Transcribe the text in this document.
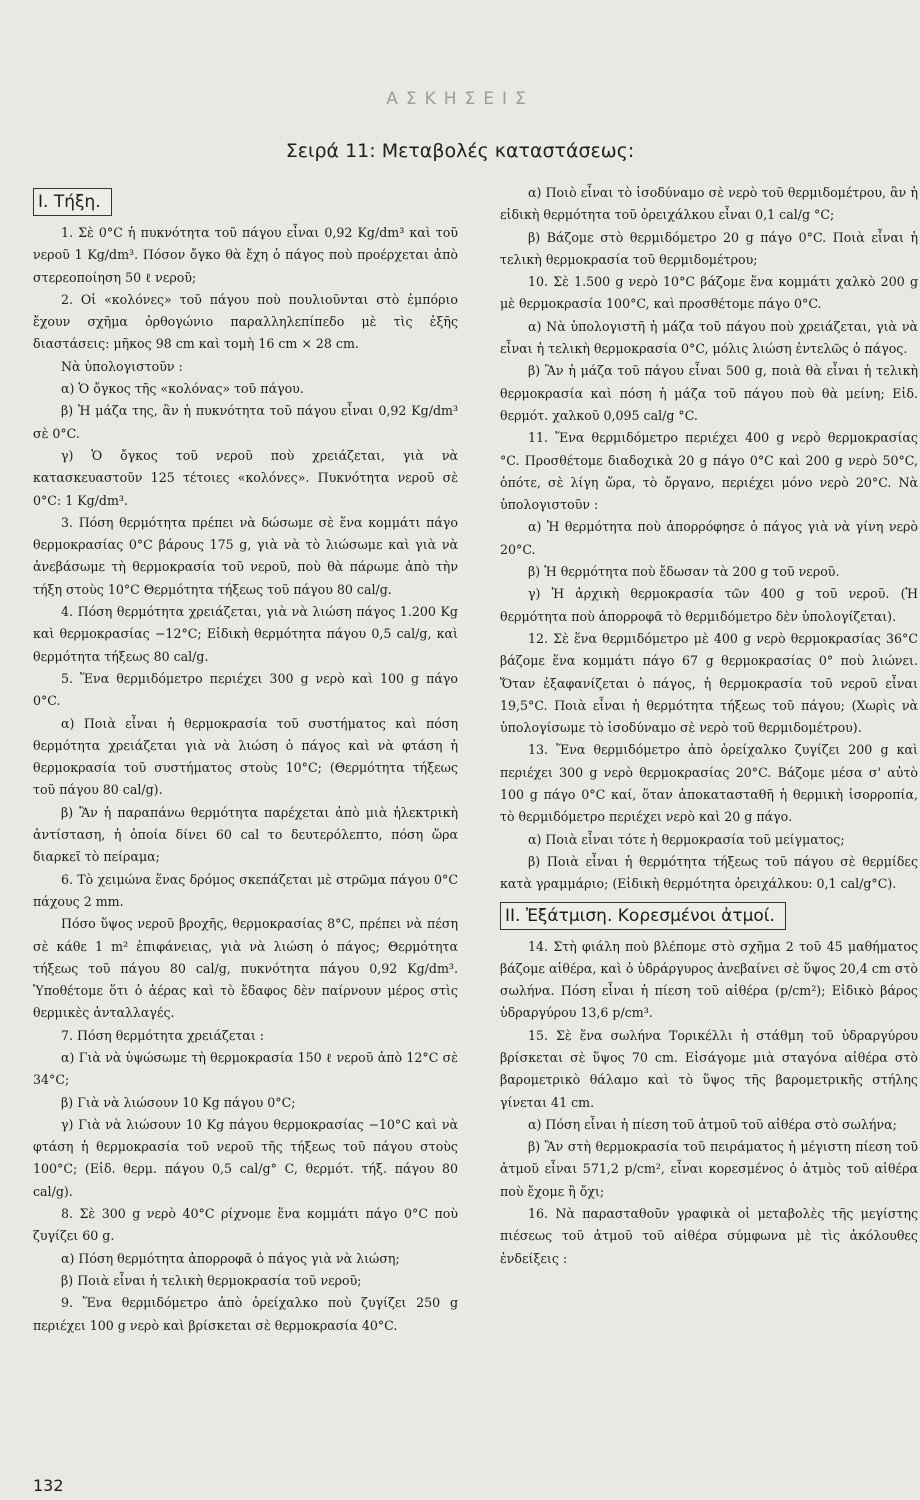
ΑΣΚΗΣΕΙΣ
Σειρά 11: Μεταβολές καταστάσεως:
I. Τήξη.

1. Σὲ 0°C ἡ πυκνότητα τοῦ πάγου εἶναι 0,92 Kg/dm³ καὶ τοῦ νεροῦ 1 Kg/dm³. Πόσον ὄγκο θὰ ἔχη ὁ πάγος ποὺ προέρχεται ἀπὸ στερεοποίηση 50 ℓ νεροῦ;

2. Οἱ «κολόνες» τοῦ πάγου ποὺ πουλιοῦνται στὸ ἐμπόριο ἔχουν σχῆμα ὀρθογώνιο παραλληλεπίπεδο μὲ τὶς ἑξῆς διαστάσεις: μῆκος 98 cm καὶ τομὴ 16 cm × 28 cm.

Νὰ ὑπολογιστοῦν :

α) Ὁ ὄγκος τῆς «κολόνας» τοῦ πάγου.

β) Ἡ μάζα της, ἂν ἡ πυκνότητα τοῦ πάγου εἶναι 0,92 Kg/dm³ σὲ 0°C.

γ) Ὁ ὄγκος τοῦ νεροῦ ποὺ χρειάζεται, γιὰ νὰ κατασκευαστοῦν 125 τέτοιες «κολόνες». Πυκνότητα νεροῦ σὲ 0°C: 1 Kg/dm³.

3. Πόση θερμότητα πρέπει νὰ δώσωμε σὲ ἕνα κομμάτι πάγο θερμοκρασίας 0°C βάρους 175 g, γιὰ νὰ τὸ λιώσωμε καὶ γιὰ νὰ ἀνεβάσωμε τὴ θερμοκρασία τοῦ νεροῦ, ποὺ θὰ πάρωμε ἀπὸ τὴν τήξη στοὺς 10°C Θερμότητα τήξεως τοῦ πάγου 80 cal/g.

4. Πόση θερμότητα χρειάζεται, γιὰ νὰ λιώση πάγος 1.200 Kg καὶ θερμοκρασίας −12°C; Εἰδικὴ θερμότητα πάγου 0,5 cal/g, καὶ θερμότητα τήξεως 80 cal/g.

5. Ἕνα θερμιδόμετρο περιέχει 300 g νερὸ καὶ 100 g πάγο 0°C.

α) Ποιὰ εἶναι ἡ θερμοκρασία τοῦ συστήματος καὶ πόση θερμότητα χρειάζεται γιὰ νὰ λιώση ὁ πάγος καὶ νὰ φτάση ἡ θερμοκρασία τοῦ συστήματος στοὺς 10°C; (Θερμότητα τήξεως τοῦ πάγου 80 cal/g).

β) Ἂν ἡ παραπάνω θερμότητα παρέχεται ἀπὸ μιὰ ἠλεκτρικὴ ἀντίσταση, ἡ ὁποία δίνει 60 cal το δευτερόλεπτο, πόση ὥρα διαρκεῖ τὸ πείραμα;

6. Τὸ χειμώνα ἕνας δρόμος σκεπάζεται μὲ στρῶμα πάγου 0°C πάχους 2 mm.

Πόσο ὕψος νεροῦ βροχῆς, θερμοκρασίας 8°C, πρέπει νὰ πέση σὲ κάθε 1 m² ἐπιφάνειας, γιὰ νὰ λιώση ὁ πάγος; Θερμότητα τήξεως τοῦ πάγου 80 cal/g, πυκνότητα πάγου 0,92 Kg/dm³. Ὑποθέτομε ὅτι ὁ ἀέρας καὶ τὸ ἔδαφος δὲν παίρνουν μέρος στὶς θερμικὲς ἀνταλλαγές.

7. Πόση θερμότητα χρειάζεται :

α) Γιὰ νὰ ὑψώσωμε τὴ θερμοκρασία 150 ℓ νεροῦ ἀπὸ 12°C σὲ 34°C;

β) Γιὰ νὰ λιώσουν 10 Kg πάγου 0°C;

γ) Γιὰ νὰ λιώσουν 10 Kg πάγου θερμοκρασίας −10°C καὶ νὰ φτάση ἡ θερμοκρασία τοῦ νεροῦ τῆς τήξεως τοῦ πάγου στοὺς 100°C; (Εἰδ. θερμ. πάγου 0,5 cal/g° C, θερμότ. τήξ. πάγου 80 cal/g).

8. Σὲ 300 g νερὸ 40°C ρίχνομε ἕνα κομμάτι πάγο 0°C ποὺ ζυγίζει 60 g.

α) Πόση θερμότητα ἀπορροφᾶ ὁ πάγος γιὰ νὰ λιώση;

β) Ποιὰ εἶναι ἡ τελικὴ θερμοκρασία τοῦ νεροῦ;

9. Ἕνα θερμιδόμετρο ἀπὸ ὀρείχαλκο ποὺ ζυγίζει 250 g περιέχει 100 g νερὸ καὶ βρίσκεται σὲ θερμοκρασία 40°C.

α) Ποιὸ εἶναι τὸ ἰσοδύναμο σὲ νερὸ τοῦ θερμιδομέτρου, ἂν ἡ εἰδικὴ θερμότητα τοῦ ὀρειχάλκου εἶναι 0,1 cal/g °C;

β) Βάζομε στὸ θερμιδόμετρο 20 g πάγο 0°C. Ποιὰ εἶναι ἡ τελικὴ θερμοκρασία τοῦ θερμιδομέτρου;

10. Σὲ 1.500 g νερὸ 10°C βάζομε ἕνα κομμάτι χαλκὸ 200 g μὲ θερμοκρασία 100°C, καὶ προσθέτομε πάγο 0°C.

α) Νὰ ὑπολογιστῆ ἡ μάζα τοῦ πάγου ποὺ χρειάζεται, γιὰ νὰ εἶναι ἡ τελικὴ θερμοκρασία 0°C, μόλις λιώση ἐντελῶς ὁ πάγος.

β) Ἂν ἡ μάζα τοῦ πάγου εἶναι 500 g, ποιὰ θὰ εἶναι ἡ τελικὴ θερμοκρασία καὶ πόση ἡ μάζα τοῦ πάγου ποὺ θὰ μείνη; Εἰδ. θερμότ. χαλκοῦ 0,095 cal/g °C.

11. Ἕνα θερμιδόμετρο περιέχει 400 g νερὸ θερμοκρασίας °C. Προσθέτομε διαδοχικὰ 20 g πάγο 0°C καὶ 200 g νερὸ 50°C, ὁπότε, σὲ λίγη ὥρα, τὸ ὄργανο, περιέχει μόνο νερὸ 20°C. Νὰ ὑπολογιστοῦν :

α) Ἡ θερμότητα ποὺ ἀπορρόφησε ὁ πάγος γιὰ νὰ γίνη νερὸ 20°C.

β) Ἡ θερμότητα ποὺ ἔδωσαν τὰ 200 g τοῦ νεροῦ.

γ) Ἡ ἀρχικὴ θερμοκρασία τῶν 400 g τοῦ νεροῦ. (Ἡ θερμότητα ποὺ ἀπορροφᾶ τὸ θερμιδόμετρο δὲν ὑπολογίζεται).

12. Σὲ ἕνα θερμιδόμετρο μὲ 400 g νερὸ θερμοκρασίας 36°C βάζομε ἕνα κομμάτι πάγο 67 g θερμοκρασίας 0° ποὺ λιώνει. Ὅταν ἐξαφανίζεται ὁ πάγος, ἡ θερμοκρασία τοῦ νεροῦ εἶναι 19,5°C. Ποιὰ εἶναι ἡ θερμότητα τήξεως τοῦ πάγου; (Χωρὶς νὰ ὑπολογίσωμε τὸ ἰσοδύναμο σὲ νερὸ τοῦ θερμιδομέτρου).

13. Ἕνα θερμιδόμετρο ἀπὸ ὀρείχαλκο ζυγίζει 200 g καὶ περιέχει 300 g νερὸ θερμοκρασίας 20°C. Βάζομε μέσα σ' αὐτὸ 100 g πάγο 0°C καί, ὅταν ἀποκατασταθῆ ἡ θερμικὴ ἰσορροπία, τὸ θερμιδόμετρο περιέχει νερὸ καὶ 20 g πάγο.

α) Ποιὰ εἶναι τότε ἡ θερμοκρασία τοῦ μείγματος;

β) Ποιὰ εἶναι ἡ θερμότητα τήξεως τοῦ πάγου σὲ θερμίδες κατὰ γραμμάριο; (Εἰδικὴ θερμότητα ὀρειχάλκου: 0,1 cal/g°C).

II. Ἐξάτμιση. Κορεσμένοι ἀτμοί.

14. Στὴ φιάλη ποὺ βλέπομε στὸ σχῆμα 2 τοῦ 45 μαθήματος βάζομε αἰθέρα, καὶ ὁ ὑδράργυρος ἀνεβαίνει σὲ ὕψος 20,4 cm στὸ σωλήνα. Πόση εἶναι ἡ πίεση τοῦ αἰθέρα (p/cm²); Εἰδικὸ βάρος ὑδραργύρου 13,6 p/cm³.

15. Σὲ ἕνα σωλήνα Τορικέλλι ἡ στάθμη τοῦ ὑδραργύρου βρίσκεται σὲ ὕψος 70 cm. Εἰσάγομε μιὰ σταγόνα αἰθέρα στὸ βαρομετρικὸ θάλαμο καὶ τὸ ὕψος τῆς βαρομετρικῆς στήλης γίνεται 41 cm.

α) Πόση εἶναι ἡ πίεση τοῦ ἀτμοῦ τοῦ αἰθέρα στὸ σωλήνα;

β) Ἂν στὴ θερμοκρασία τοῦ πειράματος ἡ μέγιστη πίεση τοῦ ἀτμοῦ εἶναι 571,2 p/cm², εἶναι κορεσμένος ὁ ἀτμὸς τοῦ αἰθέρα ποὺ ἔχομε ἢ ὄχι;

16. Νὰ παρασταθοῦν γραφικὰ οἱ μεταβολὲς τῆς μεγίστης πιέσεως τοῦ ἀτμοῦ τοῦ αἰθέρα σύμφωνα μὲ τὶς ἀκόλουθες ἐνδείξεις :

132
